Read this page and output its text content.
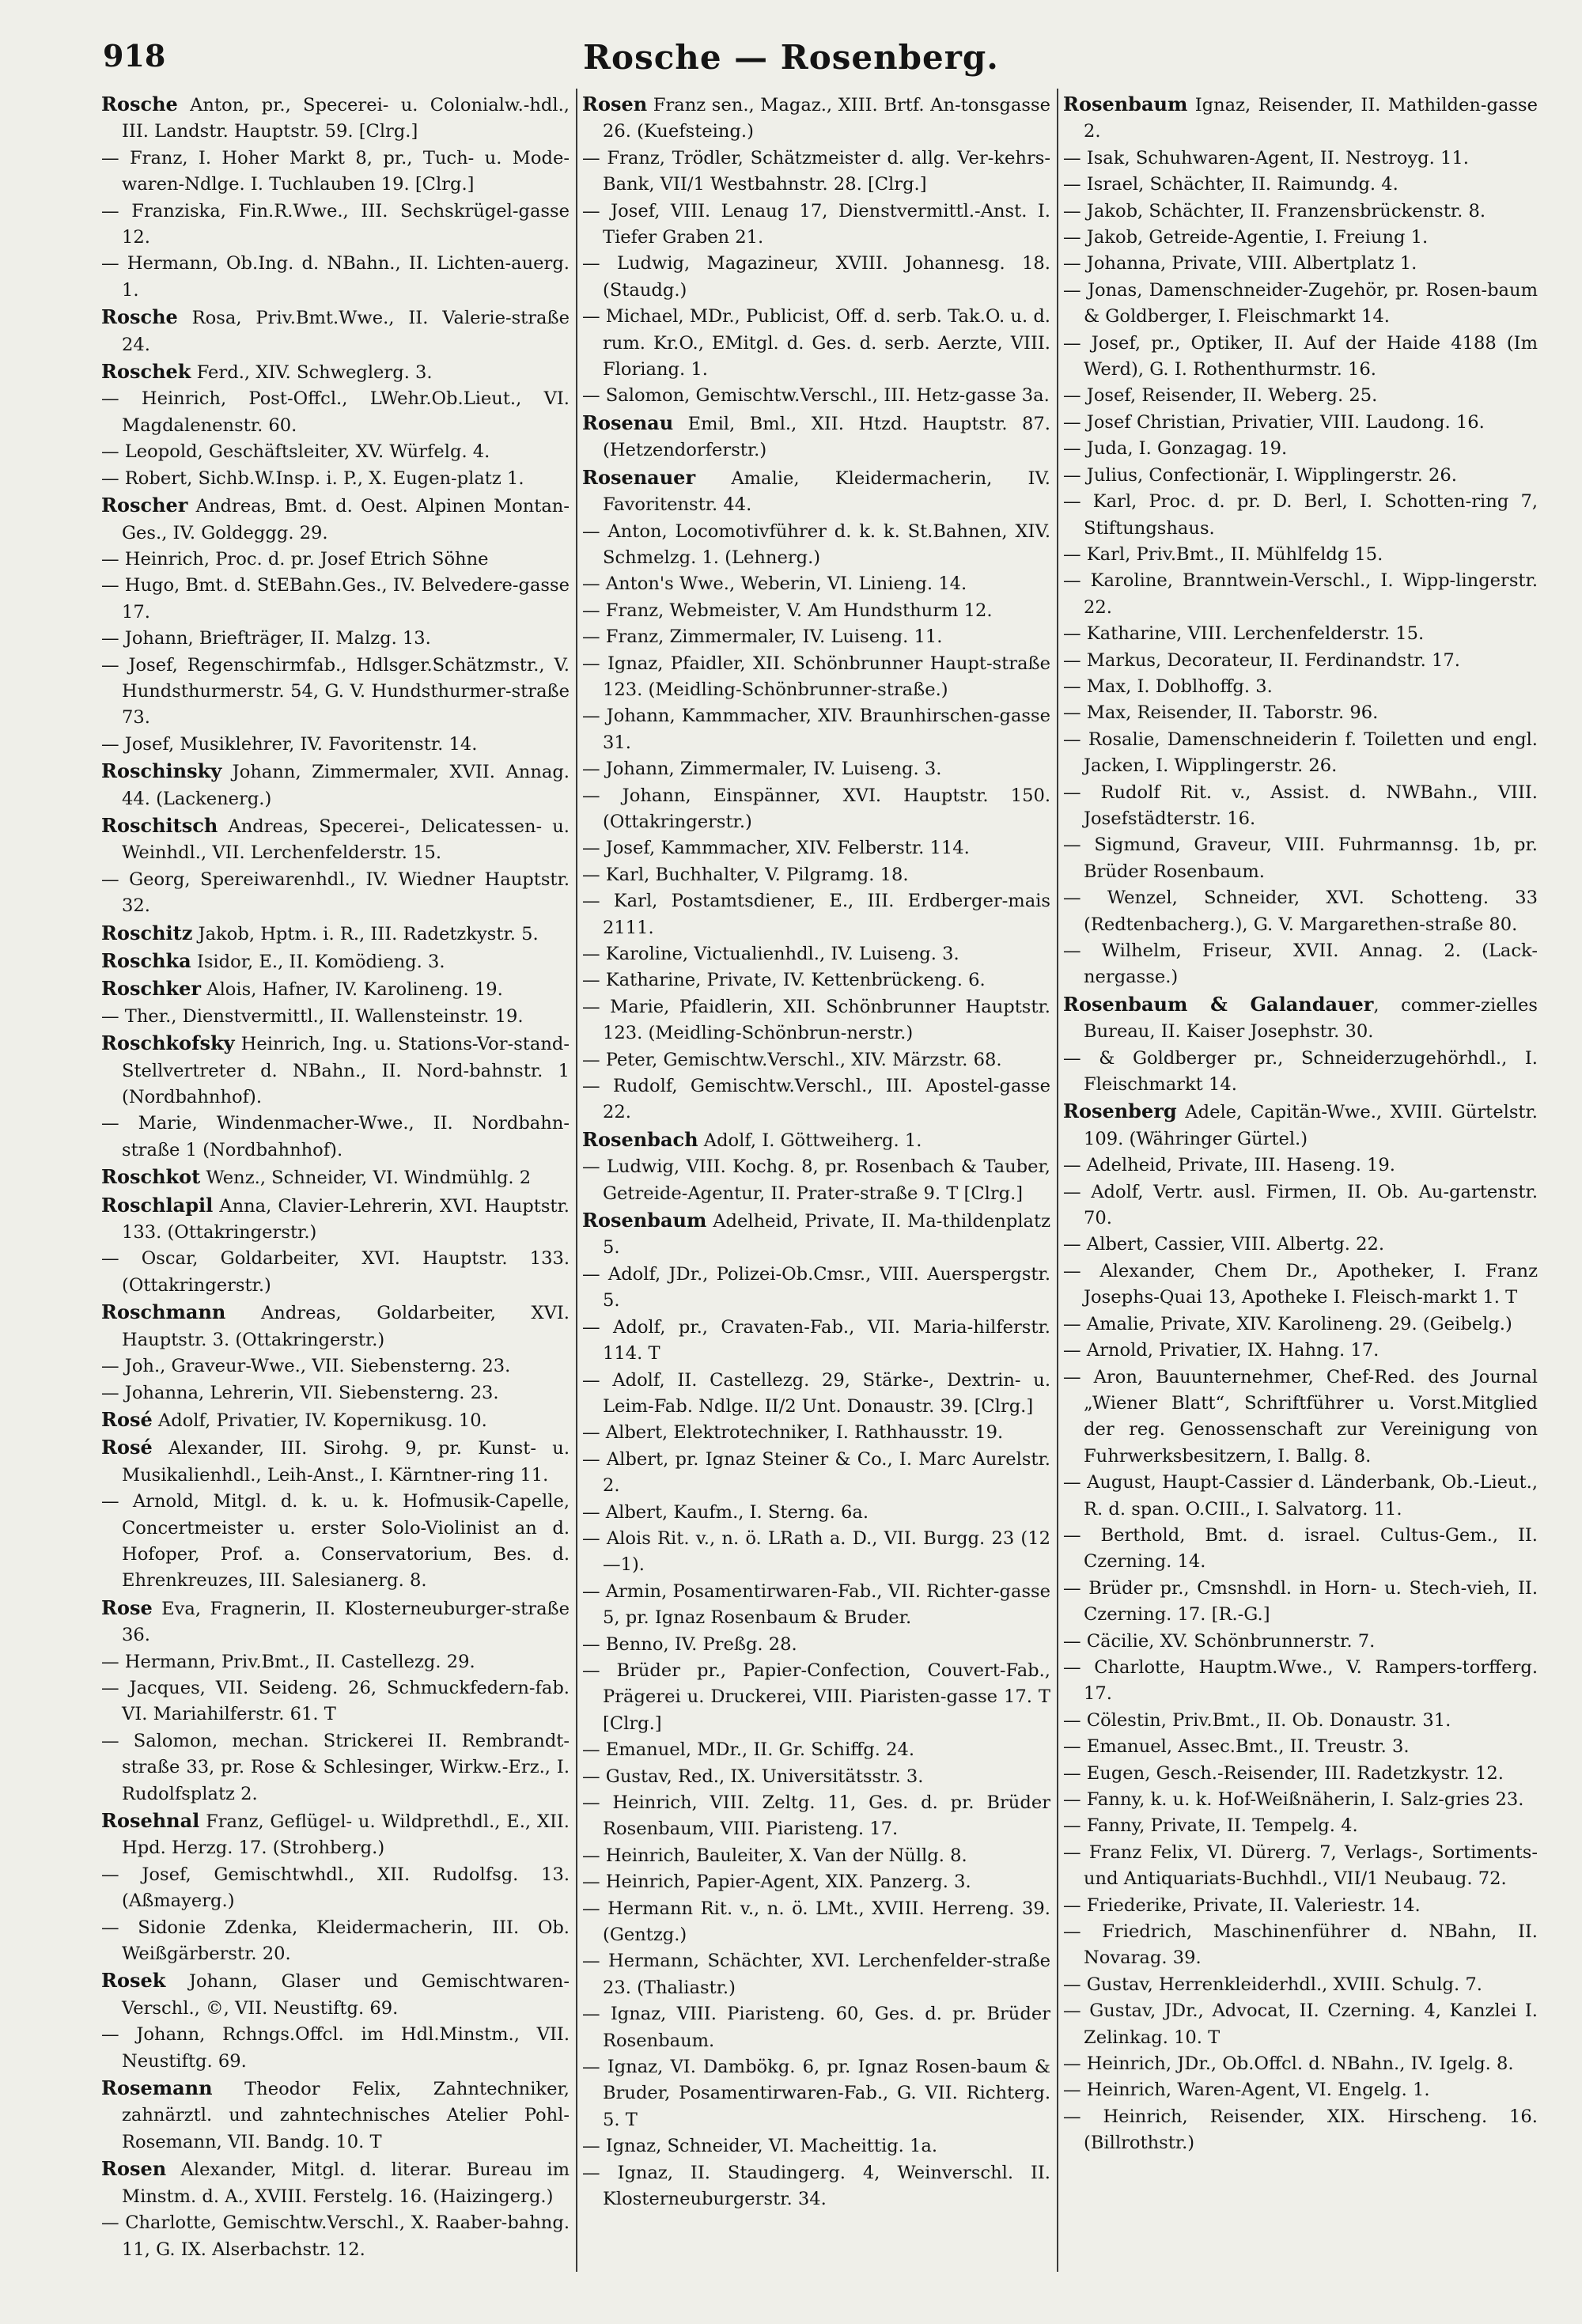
918	Rosche — Rosenberg.

Rosche Anton, pr., Specerei- u. Colonialw.-hdl., III. Landstr. Hauptstr. 59. [Clrg.]

— Franz, I. Hoher Markt 8, pr., Tuch- u. Mode-waren-Ndlge. I. Tuchlauben 19. [Clrg.]

— Franziska, Fin.R.Wwe., III. Sechskrügel-gasse 12.

— Hermann, Ob.Ing. d. NBahn., II. Lichten-auerg. 1.

Rosche Rosa, Priv.Bmt.Wwe., II. Valerie-straße 24.

Roschek Ferd., XIV. Schweglerg. 3.

— Heinrich, Post-Offcl., LWehr.Ob.Lieut., VI. Magdalenenstr. 60.

— Leopold, Geschäftsleiter, XV. Würfelg. 4.

— Robert, Sichb.W.Insp. i. P., X. Eugen-platz 1.

Roscher Andreas, Bmt. d. Oest. Alpinen Montan-Ges., IV. Goldeggg. 29.

— Heinrich, Proc. d. pr. Josef Etrich Söhne

— Hugo, Bmt. d. StEBahn.Ges., IV. Belvedere-gasse 17.

— Johann, Briefträger, II. Malzg. 13.

— Josef, Regenschirmfab., Hdlsger.Schätzmstr., V. Hundsthurmerstr. 54, G. V. Hundsthurmer-straße 73.

— Josef, Musiklehrer, IV. Favoritenstr. 14.

Roschinsky Johann, Zimmermaler, XVII. Annag. 44. (Lackenerg.)

Roschitsch Andreas, Specerei-, Delicatessen- u. Weinhdl., VII. Lerchenfelderstr. 15.

— Georg, Spereiwarenhdl., IV. Wiedner Hauptstr. 32.

Roschitz Jakob, Hptm. i. R., III. Radetzkystr. 5.

Roschka Isidor, E., II. Komödieng. 3.

Roschker Alois, Hafner, IV. Karolineng. 19.

— Ther., Dienstvermittl., II. Wallensteinstr. 19.

Roschkofsky Heinrich, Ing. u. Stations-Vor-stand-Stellvertreter d. NBahn., II. Nord-bahnstr. 1 (Nordbahnhof).

— Marie, Windenmacher-Wwe., II. Nordbahn-straße 1 (Nordbahnhof).

Roschkot Wenz., Schneider, VI. Windmühlg. 2

Roschlapil Anna, Clavier-Lehrerin, XVI. Hauptstr. 133. (Ottakringerstr.)

— Oscar, Goldarbeiter, XVI. Hauptstr. 133. (Ottakringerstr.)

Roschmann Andreas, Goldarbeiter, XVI. Hauptstr. 3. (Ottakringerstr.)

— Joh., Graveur-Wwe., VII. Siebensterng. 23.

— Johanna, Lehrerin, VII. Siebensterng. 23.

Rosé Adolf, Privatier, IV. Kopernikusg. 10.

Rosé Alexander, III. Sirohg. 9, pr. Kunst- u. Musikalienhdl., Leih-Anst., I. Kärntner-ring 11.

— Arnold, Mitgl. d. k. u. k. Hofmusik-Capelle, Concertmeister u. erster Solo-Violinist an d. Hofoper, Prof. a. Conservatorium, Bes. d. Ehrenkreuzes, III. Salesianerg. 8.

Rose Eva, Fragnerin, II. Klosterneuburger-straße 36.

— Hermann, Priv.Bmt., II. Castellezg. 29.

— Jacques, VII. Seideng. 26, Schmuckfedern-fab. VI. Mariahilferstr. 61. T

— Salomon, mechan. Strickerei II. Rembrandt-straße 33, pr. Rose & Schlesinger, Wirkw.-Erz., I. Rudolfsplatz 2.

Rosehnal Franz, Geflügel- u. Wildprethdl., E., XII. Hpd. Herzg. 17. (Strohberg.)

— Josef, Gemischtwhdl., XII. Rudolfsg. 13. (Aßmayerg.)

— Sidonie Zdenka, Kleidermacherin, III. Ob. Weißgärberstr. 20.

Rosek Johann, Glaser und Gemischtwaren-Verschl., ©, VII. Neustiftg. 69.

— Johann, Rchngs.Offcl. im Hdl.Minstm., VII. Neustiftg. 69.

Rosemann Theodor Felix, Zahntechniker, zahnärztl. und zahntechnisches Atelier Pohl-Rosemann, VII. Bandg. 10. T

Rosen Alexander, Mitgl. d. literar. Bureau im Minstm. d. A., XVIII. Ferstelg. 16. (Haizingerg.)

— Charlotte, Gemischtw.Verschl., X. Raaber-bahng. 11, G. IX. Alserbachstr. 12.

Rosen Franz sen., Magaz., XIII. Brtf. An-tonsgasse 26. (Kuefsteing.)

— Franz, Trödler, Schätzmeister d. allg. Ver-kehrs-Bank, VII/1 Westbahnstr. 28. [Clrg.]

— Josef, VIII. Lenaug 17, Dienstvermittl.-Anst. I. Tiefer Graben 21.

— Ludwig, Magazineur, XVIII. Johannesg. 18. (Staudg.)

— Michael, MDr., Publicist, Off. d. serb. Tak.O. u. d. rum. Kr.O., EMitgl. d. Ges. d. serb. Aerzte, VIII. Floriang. 1.

— Salomon, Gemischtw.Verschl., III. Hetz-gasse 3a.

Rosenau Emil, Bml., XII. Htzd. Hauptstr. 87. (Hetzendorferstr.)

Rosenauer Amalie, Kleidermacherin, IV. Favoritenstr. 44.

— Anton, Locomotivführer d. k. k. St.Bahnen, XIV. Schmelzg. 1. (Lehnerg.)

— Anton's Wwe., Weberin, VI. Linieng. 14.

— Franz, Webmeister, V. Am Hundsthurm 12.

— Franz, Zimmermaler, IV. Luiseng. 11.

— Ignaz, Pfaidler, XII. Schönbrunner Haupt-straße 123. (Meidling-Schönbrunner-straße.)

— Johann, Kammmacher, XIV. Braunhirschen-gasse 31.

— Johann, Zimmermaler, IV. Luiseng. 3.

— Johann, Einspänner, XVI. Hauptstr. 150. (Ottakringerstr.)

— Josef, Kammmacher, XIV. Felberstr. 114.

— Karl, Buchhalter, V. Pilgramg. 18.

— Karl, Postamtsdiener, E., III. Erdberger-mais 2111.

— Karoline, Victualienhdl., IV. Luiseng. 3.

— Katharine, Private, IV. Kettenbrückeng. 6.

— Marie, Pfaidlerin, XII. Schönbrunner Hauptstr. 123. (Meidling-Schönbrun-nerstr.)

— Peter, Gemischtw.Verschl., XIV. Märzstr. 68.

— Rudolf, Gemischtw.Verschl., III. Apostel-gasse 22.

Rosenbach Adolf, I. Göttweiherg. 1.

— Ludwig, VIII. Kochg. 8, pr. Rosenbach & Tauber, Getreide-Agentur, II. Prater-straße 9. T [Clrg.]

Rosenbaum Adelheid, Private, II. Ma-thildenplatz 5.

— Adolf, JDr., Polizei-Ob.Cmsr., VIII. Auerspergstr. 5.

— Adolf, pr., Cravaten-Fab., VII. Maria-hilferstr. 114. T

— Adolf, II. Castellezg. 29, Stärke-, Dextrin- u. Leim-Fab. Ndlge. II/2 Unt. Donaustr. 39. [Clrg.]

— Albert, Elektrotechniker, I. Rathhausstr. 19.

— Albert, pr. Ignaz Steiner & Co., I. Marc Aurelstr. 2.

— Albert, Kaufm., I. Sterng. 6a.

— Alois Rit. v., n. ö. LRath a. D., VII. Burgg. 23 (12—1).

— Armin, Posamentirwaren-Fab., VII. Richter-gasse 5, pr. Ignaz Rosenbaum & Bruder.

— Benno, IV. Preßg. 28.

— Brüder pr., Papier-Confection, Couvert-Fab., Prägerei u. Druckerei, VIII. Piaristen-gasse 17. T [Clrg.]

— Emanuel, MDr., II. Gr. Schiffg. 24.

— Gustav, Red., IX. Universitätsstr. 3.

— Heinrich, VIII. Zeltg. 11, Ges. d. pr. Brüder Rosenbaum, VIII. Piaristeng. 17.

— Heinrich, Bauleiter, X. Van der Nüllg. 8.

— Heinrich, Papier-Agent, XIX. Panzerg. 3.

— Hermann Rit. v., n. ö. LMt., XVIII. Herreng. 39. (Gentzg.)

— Hermann, Schächter, XVI. Lerchenfelder-straße 23. (Thaliastr.)

— Ignaz, VIII. Piaristeng. 60, Ges. d. pr. Brüder Rosenbaum.

— Ignaz, VI. Dambökg. 6, pr. Ignaz Rosen-baum & Bruder, Posamentirwaren-Fab., G. VII. Richterg. 5. T

— Ignaz, Schneider, VI. Macheittig. 1a.

— Ignaz, II. Staudingerg. 4, Weinverschl. II. Klosterneuburgerstr. 34.

Rosenbaum Ignaz, Reisender, II. Mathilden-gasse 2.

— Isak, Schuhwaren-Agent, II. Nestroyg. 11.

— Israel, Schächter, II. Raimundg. 4.

— Jakob, Schächter, II. Franzensbrückenstr. 8.

— Jakob, Getreide-Agentie, I. Freiung 1.

— Johanna, Private, VIII. Albertplatz 1.

— Jonas, Damenschneider-Zugehör, pr. Rosen-baum & Goldberger, I. Fleischmarkt 14.

— Josef, pr., Optiker, II. Auf der Haide 4188 (Im Werd), G. I. Rothenthurmstr. 16.

— Josef, Reisender, II. Weberg. 25.

— Josef Christian, Privatier, VIII. Laudong. 16.

— Juda, I. Gonzagag. 19.

— Julius, Confectionär, I. Wipplingerstr. 26.

— Karl, Proc. d. pr. D. Berl, I. Schotten-ring 7, Stiftungshaus.

— Karl, Priv.Bmt., II. Mühlfeldg 15.

— Karoline, Branntwein-Verschl., I. Wipp-lingerstr. 22.

— Katharine, VIII. Lerchenfelderstr. 15.

— Markus, Decorateur, II. Ferdinandstr. 17.

— Max, I. Doblhoffg. 3.

— Max, Reisender, II. Taborstr. 96.

— Rosalie, Damenschneiderin f. Toiletten und engl. Jacken, I. Wipplingerstr. 26.

— Rudolf Rit. v., Assist. d. NWBahn., VIII. Josefstädterstr. 16.

— Sigmund, Graveur, VIII. Fuhrmannsg. 1b, pr. Brüder Rosenbaum.

— Wenzel, Schneider, XVI. Schotteng. 33 (Redtenbacherg.), G. V. Margarethen-straße 80.

— Wilhelm, Friseur, XVII. Annag. 2. (Lack-nergasse.)

Rosenbaum & Galandauer, commer-zielles Bureau, II. Kaiser Josephstr. 30.

— & Goldberger pr., Schneiderzugehörhdl., I. Fleischmarkt 14.

Rosenberg Adele, Capitän-Wwe., XVIII. Gürtelstr. 109. (Währinger Gürtel.)

— Adelheid, Private, III. Haseng. 19.

— Adolf, Vertr. ausl. Firmen, II. Ob. Au-gartenstr. 70.

— Albert, Cassier, VIII. Albertg. 22.

— Alexander, Chem Dr., Apotheker, I. Franz Josephs-Quai 13, Apotheke I. Fleisch-markt 1. T

— Amalie, Private, XIV. Karolineng. 29. (Geibelg.)

— Arnold, Privatier, IX. Hahng. 17.

— Aron, Bauunternehmer, Chef-Red. des Journal „Wiener Blatt“, Schriftführer u. Vorst.Mitglied der reg. Genossenschaft zur Vereinigung von Fuhrwerksbesitzern, I. Ballg. 8.

— August, Haupt-Cassier d. Länderbank, Ob.-Lieut., R. d. span. O.CIII., I. Salvatorg. 11.

— Berthold, Bmt. d. israel. Cultus-Gem., II. Czerning. 14.

— Brüder pr., Cmsnshdl. in Horn- u. Stech-vieh, II. Czerning. 17. [R.-G.]

— Cäcilie, XV. Schönbrunnerstr. 7.

— Charlotte, Hauptm.Wwe., V. Rampers-torfferg. 17.

— Cölestin, Priv.Bmt., II. Ob. Donaustr. 31.

— Emanuel, Assec.Bmt., II. Treustr. 3.

— Eugen, Gesch.-Reisender, III. Radetzkystr. 12.

— Fanny, k. u. k. Hof-Weißnäherin, I. Salz-gries 23.

— Fanny, Private, II. Tempelg. 4.

— Franz Felix, VI. Dürerg. 7, Verlags-, Sortiments- und Antiquariats-Buchhdl., VII/1 Neubaug. 72.

— Friederike, Private, II. Valeriestr. 14.

— Friedrich, Maschinenführer d. NBahn, II. Novarag. 39.

— Gustav, Herrenkleiderhdl., XVIII. Schulg. 7.

— Gustav, JDr., Advocat, II. Czerning. 4, Kanzlei I. Zelinkag. 10. T

— Heinrich, JDr., Ob.Offcl. d. NBahn., IV. Igelg. 8.

— Heinrich, Waren-Agent, VI. Engelg. 1.

— Heinrich, Reisender, XIX. Hirscheng. 16. (Billrothstr.)
